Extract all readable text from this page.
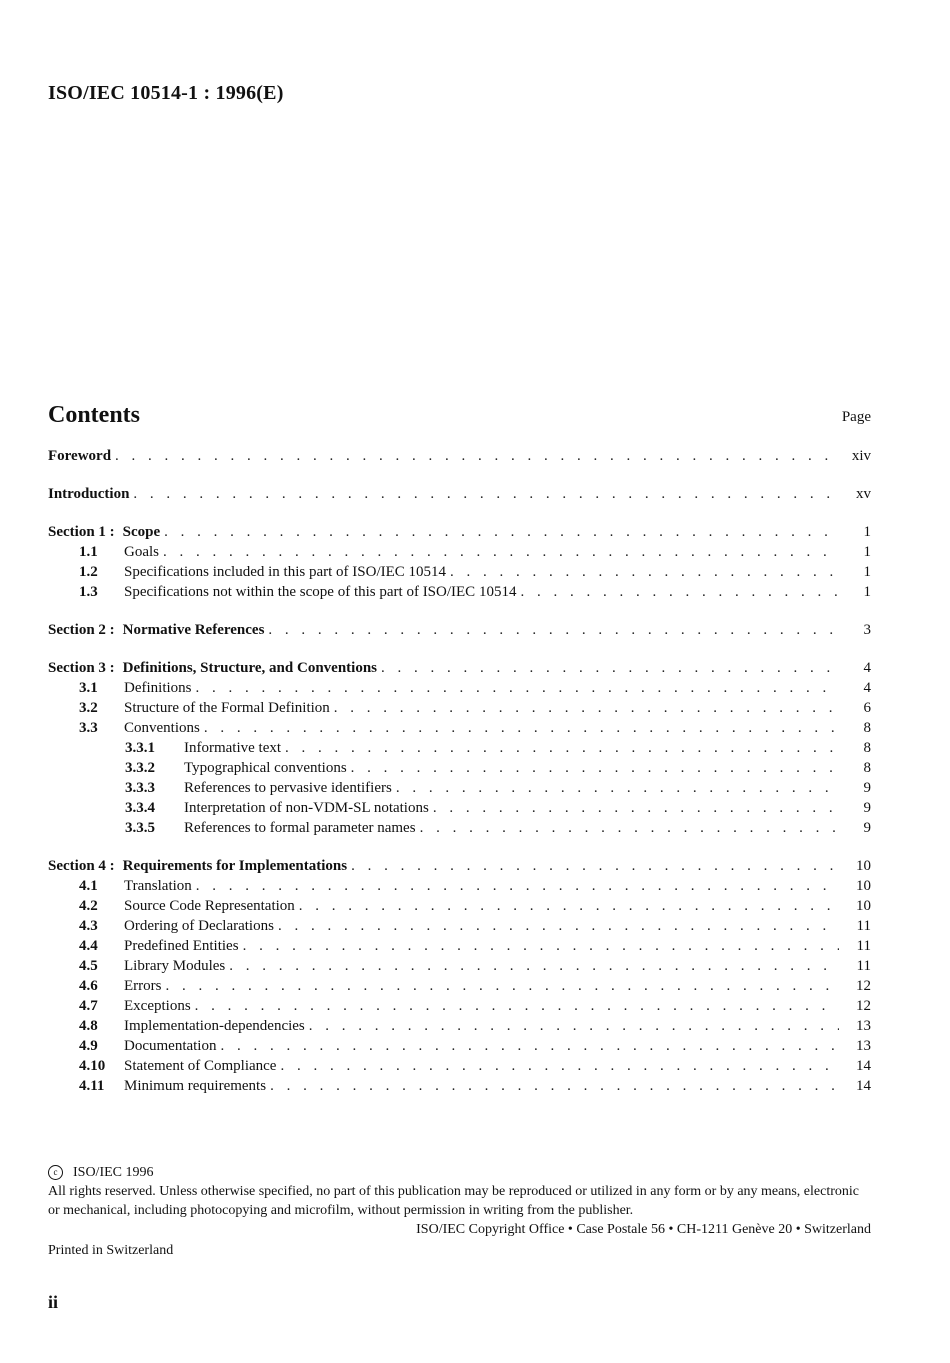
ISO/IEC 10514-1 : 1996(E)
Contents	Page
Foreword . . .	xiv
Introduction . . .	xv
Section 1 : Scope . . .	1
1.1	Goals . . .	1
1.2	Specifications included in this part of ISO/IEC 10514 . . .	1
1.3	Specifications not within the scope of this part of ISO/IEC 10514 . . .	1
Section 2 : Normative References . . .	3
Section 3 : Definitions, Structure, and Conventions . . .	4
3.1	Definitions . . .	4
3.2	Structure of the Formal Definition . . .	6
3.3	Conventions . . .	8
3.3.1	Informative text . . .	8
3.3.2	Typographical conventions . . .	8
3.3.3	References to pervasive identifiers . . .	9
3.3.4	Interpretation of non-VDM-SL notations . . .	9
3.3.5	References to formal parameter names . . .	9
Section 4 : Requirements for Implementations . . .	10
4.1	Translation . . .	10
4.2	Source Code Representation . . .	10
4.3	Ordering of Declarations . . .	11
4.4	Predefined Entities . . .	11
4.5	Library Modules . . .	11
4.6	Errors . . .	12
4.7	Exceptions . . .	12
4.8	Implementation-dependencies . . .	13
4.9	Documentation . . .	13
4.10	Statement of Compliance . . .	14
4.11	Minimum requirements . . .	14
c	ISO/IEC 1996
All rights reserved. Unless otherwise specified, no part of this publication may be reproduced or utilized in any form or by any means, electronic or mechanical, including photocopying and microfilm, without permission in writing from the publisher.
ISO/IEC Copyright Office • Case Postale 56 • CH-1211 Genève 20 • Switzerland
Printed in Switzerland
ii
